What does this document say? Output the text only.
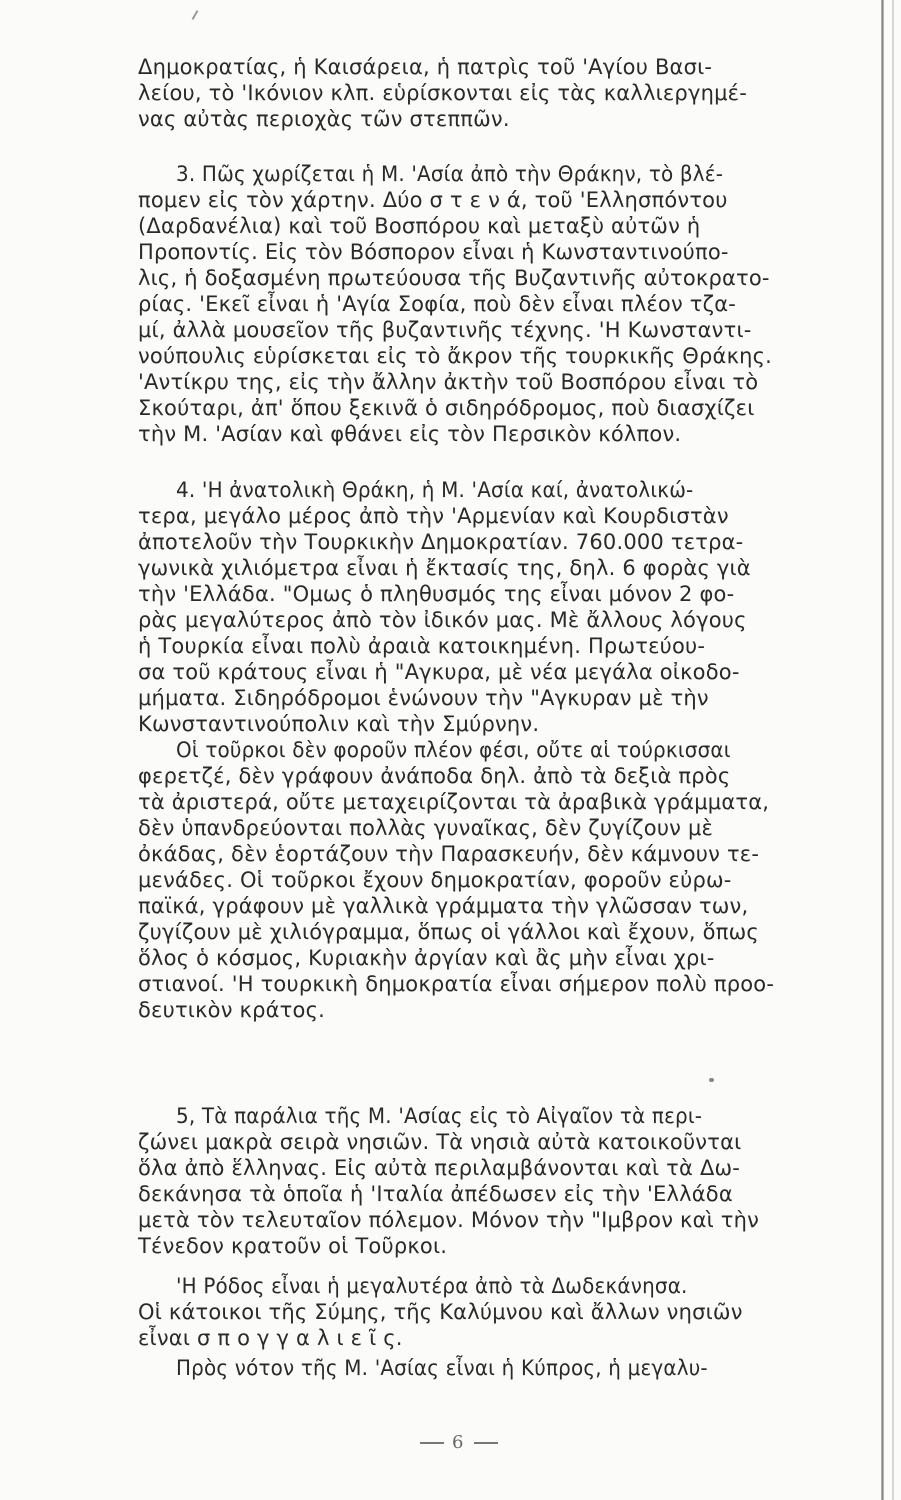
Δημοκρατίας, ἡ Καισάρεια, ἡ πατρὶς τοῦ 'Αγίου Βασι-
λείου, τὸ 'Ικόνιον κλπ. εὑρίσκονται εἰς τὰς καλλιεργημέ-
νας αὐτὰς περιοχὰς τῶν στεππῶν.
3. Πῶς χωρίζεται ἡ Μ. 'Ασία ἀπὸ τὴν Θράκην, τὸ βλέ-
πομεν εἰς τὸν χάρτην. Δύο σ τ ε ν ά, τοῦ 'Ελλησπόντου
(Δαρδανέλια) καὶ τοῦ Βοσπόρου καὶ μεταξὺ αὐτῶν ἡ
Προποντίς. Εἰς τὸν Βόσπορον εἶναι ἡ Κωνσταντινούπο-
λις, ἡ δοξασμένη πρωτεύουσα τῆς Βυζαντινῆς αὐτοκρατο-
ρίας. 'Εκεῖ εἶναι ἡ 'Αγία Σοφία, ποὺ δὲν εἶναι πλέον τζα-
μί, ἀλλὰ μουσεῖον τῆς βυζαντινῆς τέχνης. 'Η Κωνσταντι-
νούπουλις εὑρίσκεται εἰς τὸ ἄκρον τῆς τουρκικῆς Θράκης.
'Αντίκρυ της, εἰς τὴν ἄλλην ἀκτὴν τοῦ Βοσπόρου εἶναι τὸ
Σκούταρι, ἀπ' ὅπου ξεκινᾶ ὁ σιδηρόδρομος, ποὺ διασχίζει
τὴν Μ. 'Ασίαν καὶ φθάνει εἰς τὸν Περσικὸν κόλπον.
4. 'Η ἀνατολικὴ Θράκη, ἡ Μ. 'Ασία καί, ἀνατολικώ-
τερα, μεγάλο μέρος ἀπὸ τὴν 'Αρμενίαν καὶ Κουρδιστὰν
ἀποτελοῦν τὴν Τουρκικὴν Δημοκρατίαν. 760.000 τετρα-
γωνικὰ χιλιόμετρα εἶναι ἡ ἔκτασίς της, δηλ. 6 φορὰς γιὰ
τὴν 'Ελλάδα. "Ομως ὁ πληθυσμός της εἶναι μόνον 2 φο-
ρὰς μεγαλύτερος ἀπὸ τὸν ἰδικόν μας. Μὲ ἄλλους λόγους
ἡ Τουρκία εἶναι πολὺ ἀραιὰ κατοικημένη. Πρωτεύου-
σα τοῦ κράτους εἶναι ἡ "Αγκυρα, μὲ νέα μεγάλα οἰκοδο-
μήματα. Σιδηρόδρομοι ἑνώνουν τὴν "Αγκυραν μὲ τὴν
Κωνσταντινούπολιν καὶ τὴν Σμύρνην.
Οἱ τοῦρκοι δὲν φοροῦν πλέον φέσι, οὔτε αἱ τούρκισσαι
φερετζέ, δὲν γράφουν ἀνάποδα δηλ. ἀπὸ τὰ δεξιὰ πρὸς
τὰ ἀριστερά, οὔτε μεταχειρίζονται τὰ ἀραβικὰ γράμματα,
δὲν ὑπανδρεύονται πολλὰς γυναῖκας, δὲν ζυγίζουν μὲ
ὀκάδας, δὲν ἑορτάζουν τὴν Παρασκευήν, δὲν κάμνουν τε-
μενάδες. Οἱ τοῦρκοι ἔχουν δημοκρατίαν, φοροῦν εὐρω-
παϊκά, γράφουν μὲ γαλλικὰ γράμματα τὴν γλῶσσαν των,
ζυγίζουν μὲ χιλιόγραμμα, ὅπως οἱ γάλλοι καὶ ἔχουν, ὅπως
ὅλος ὁ κόσμος, Κυριακὴν ἀργίαν καὶ ἂς μὴν εἶναι χρι-
στιανοί. 'Η τουρκικὴ δημοκρατία εἶναι σήμερον πολὺ προο-
δευτικὸν κράτος.
5, Τὰ παράλια τῆς Μ. 'Ασίας εἰς τὸ Αἰγαῖον τὰ περι-
ζώνει μακρὰ σειρὰ νησιῶν. Τὰ νησιὰ αὐτὰ κατοικοῦνται
ὅλα ἀπὸ ἕλληνας. Εἰς αὐτὰ περιλαμβάνονται καὶ τὰ Δω-
δεκάνησα τὰ ὁποῖα ἡ 'Ιταλία ἀπέδωσεν εἰς τὴν 'Ελλάδα
μετὰ τὸν τελευταῖον πόλεμον. Μόνον τὴν "Ιμβρον καὶ τὴν
Τένεδον κρατοῦν οἱ Τοῦρκοι.
'Η Ρόδος εἶναι ἡ μεγαλυτέρα ἀπὸ τὰ Δωδεκάνησα.
Οἱ κάτοικοι τῆς Σύμης, τῆς Καλύμνου καὶ ἄλλων νησιῶν
εἶναι σ π ο γ γ α λ ι ε ῖ ς.
Πρὸς νότον τῆς Μ. 'Ασίας εἶναι ἡ Κύπρος, ἡ μεγαλυ-
6
